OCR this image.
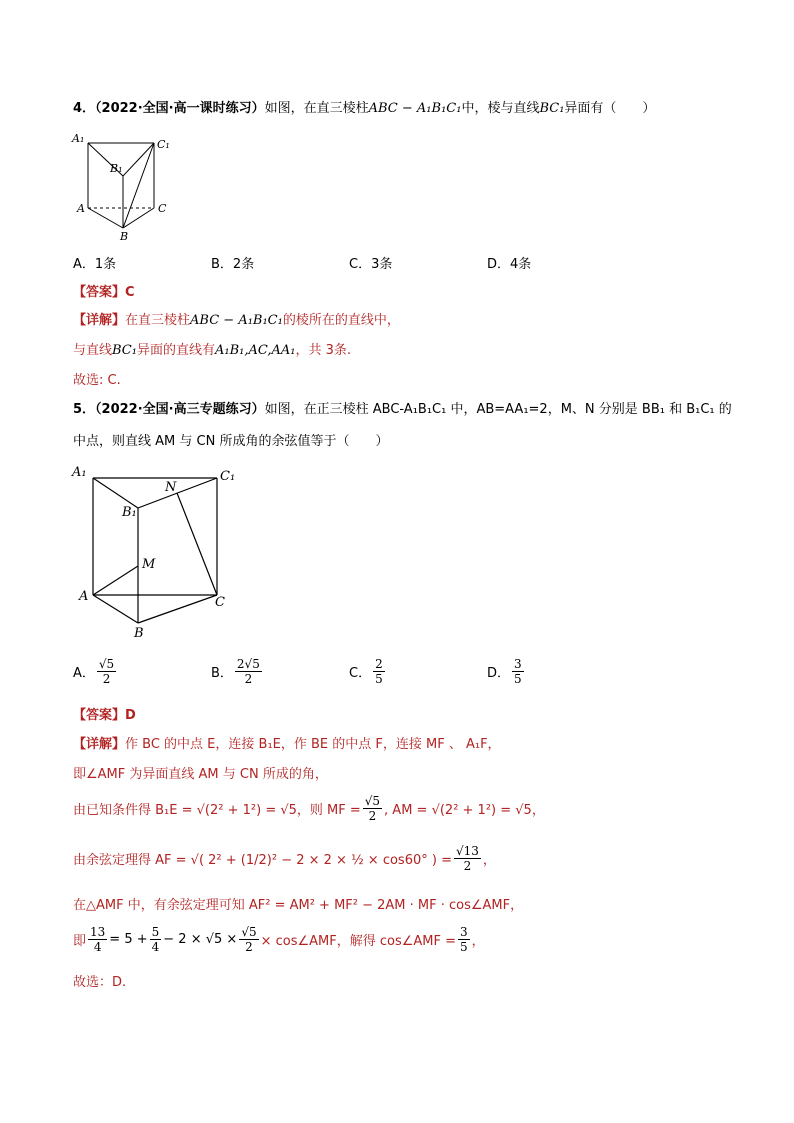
4．（2022·全国·高一课时练习）如图，在直三棱柱ABC − A₁B₁C₁中，棱与直线BC₁异面有（　　）
A₁
B₁
C₁
A
B
C
A．1条	B．2条	C．3条	D．4条
【答案】C
【详解】在直三棱柱ABC − A₁B₁C₁的棱所在的直线中，
与直线BC₁异面的直线有A₁B₁,AC,AA₁，共 3条.
故选: C.
5．（2022·全国·高三专题练习）如图，在正三棱柱 ABC-A₁B₁C₁ 中，AB=AA₁=2，M、N 分别是 BB₁ 和 B₁C₁ 的
中点，则直线 AM 与 CN 所成角的余弦值等于（　　）
A₁
N
C₁
B₁
M
A	C
B
A． $\frac{√5}{2}$	B． $\frac{2√5}{2}$	C． $\frac{2}{5}$	D． $\frac{3}{5}$
【答案】D
【详解】作 BC 的中点 E，连接 B₁E，作 BE 的中点 F，连接 MF 、 A₁F，
即∠AMF 为异面直线 AM 与 CN 所成的角，
由已知条件得 B₁E = √(2² + 1²) = √5，则 MF = $\frac{√5}{2}$ , AM = √(2² + 1²) = √5，
由余弦定理得 AF = √( 2² + (1/2)² − 2 × 2 × ½ × cos60° ) = $\frac{√13}{2}$ ，
在△AMF 中，有余弦定理可知 AF² = AM² + MF² − 2AM · MF · cos∠AMF，
即 $\frac{13}{4} = 5 + \frac{5}{4} - 2 \times √5 \times \frac{√5}{2}$ × cos∠AMF，解得 cos∠AMF = $\frac{3}{5}$ ，
故选：D.
